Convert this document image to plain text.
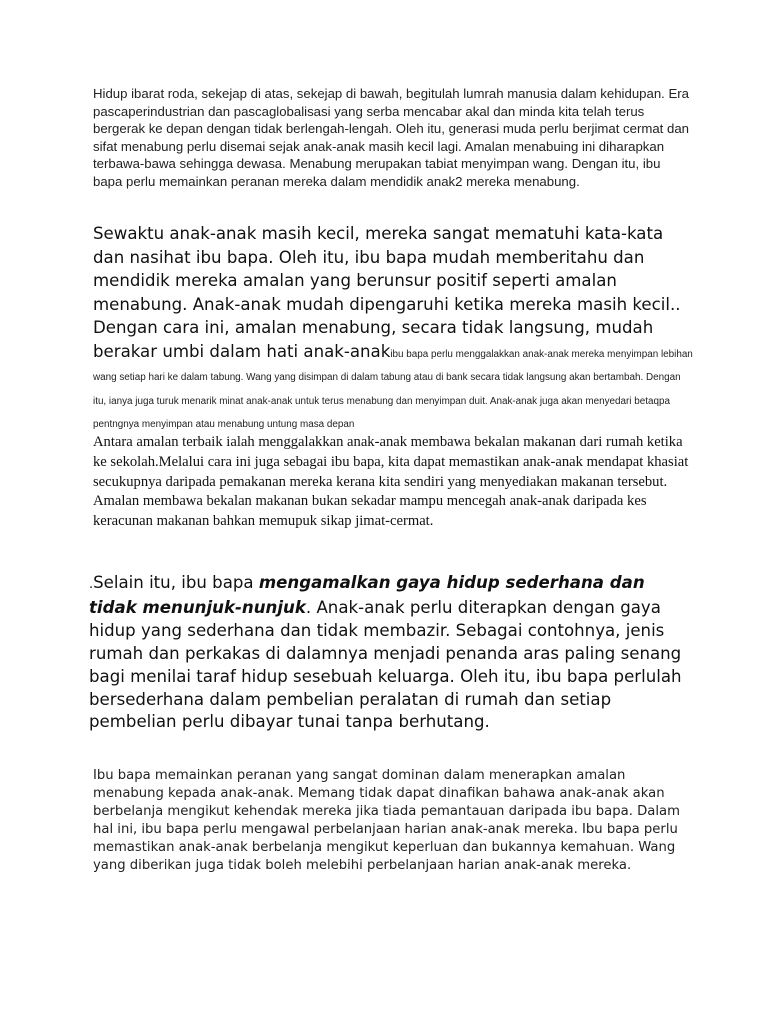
Hidup ibarat roda, sekejap di atas, sekejap di bawah, begitulah lumrah manusia dalam kehidupan. Era pascaperindustrian dan pascaglobalisasi yang serba mencabar akal dan minda kita telah terus bergerak ke depan dengan tidak berlengah-lengah. Oleh itu, generasi muda perlu berjimat cermat dan sifat menabung perlu disemai sejak anak-anak masih kecil lagi. Amalan menabuing ini diharapkan terbawa-bawa sehingga dewasa. Menabung merupakan tabiat menyimpan wang. Dengan itu, ibu bapa perlu memainkan peranan mereka dalam mendidik anak2 mereka menabung.

Sewaktu anak-anak masih kecil, mereka sangat mematuhi kata-kata dan nasihat ibu bapa. Oleh itu, ibu bapa mudah memberitahu dan mendidik mereka amalan yang berunsur positif seperti amalan menabung. Anak-anak mudah dipengaruhi ketika mereka masih kecil.. Dengan cara ini, amalan menabung, secara tidak langsung, mudah berakar umbi dalam hati anak-anakibu bapa perlu menggalakkan anak-anak mereka menyimpan lebihan wang setiap hari ke dalam tabung. Wang yang disimpan di dalam tabung atau di bank secara tidak langsung akan bertambah. Dengan itu, ianya juga turuk menarik minat anak-anak untuk terus menabung dan menyimpan duit. Anak-anak juga akan menyedari betaqpa pentngnya menyimpan atau menabung untung masa depan

Antara amalan terbaik ialah menggalakkan anak-anak membawa bekalan makanan dari rumah ketika ke sekolah.Melalui cara ini juga sebagai ibu bapa, kita dapat memastikan anak-anak mendapat khasiat secukupnya daripada pemakanan mereka kerana kita sendiri yang menyediakan makanan tersebut. Amalan membawa bekalan makanan bukan sekadar mampu mencegah anak-anak daripada kes keracunan makanan bahkan memupuk sikap jimat-cermat.

.Selain itu, ibu bapa mengamalkan gaya hidup sederhana dan tidak menunjuk-nunjuk. Anak-anak perlu diterapkan dengan gaya hidup yang sederhana dan tidak membazir. Sebagai contohnya, jenis rumah dan perkakas di dalamnya menjadi penanda aras paling senang bagi menilai taraf hidup sesebuah keluarga. Oleh itu, ibu bapa perlulah bersederhana dalam pembelian peralatan di rumah dan setiap pembelian perlu dibayar tunai tanpa berhutang.

Ibu bapa memainkan peranan yang sangat dominan dalam menerapkan amalan menabung kepada anak-anak. Memang tidak dapat dinafikan bahawa anak-anak akan berbelanja mengikut kehendak mereka jika tiada pemantauan daripada ibu bapa. Dalam hal ini, ibu bapa perlu mengawal perbelanjaan harian anak-anak mereka. Ibu bapa perlu memastikan anak-anak berbelanja mengikut keperluan dan bukannya kemahuan. Wang yang diberikan juga tidak boleh melebihi perbelanjaan harian anak-anak mereka.
